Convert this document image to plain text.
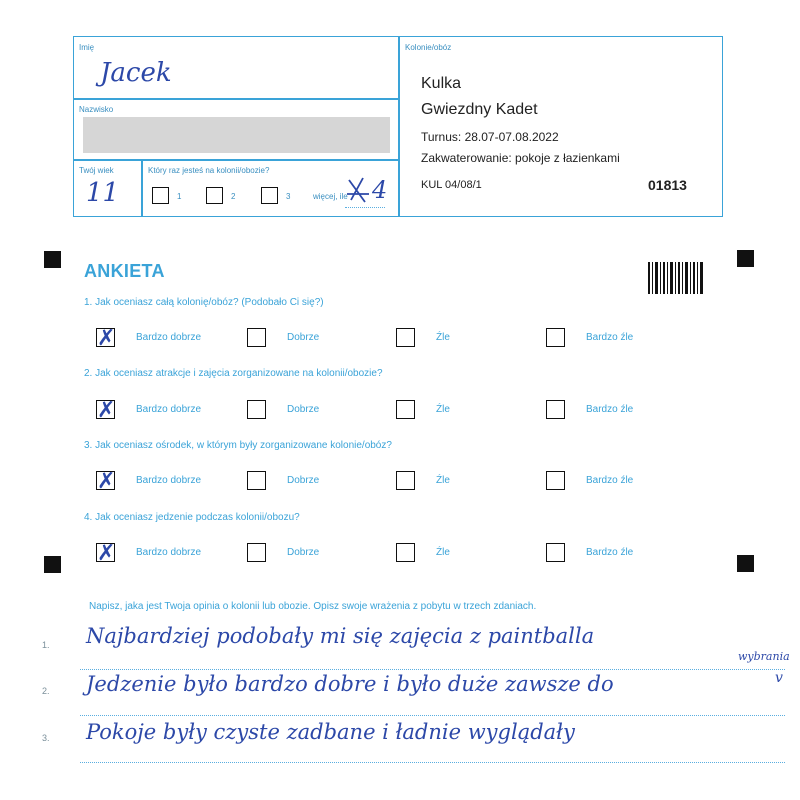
Imię
Jacek
Nazwisko
Twój wiek
11
Który raz jesteś na kolonii/obozie?
1	2	3	więcej, ile 4
Kolonie/obóz
Kulka
Gwiezdny Kadet
Turnus: 28.07-07.08.2022
Zakwaterowanie: pokoje z łazienkami
KUL 04/08/1	01813
ANKIETA
1. Jak oceniasz całą kolonię/obóz? (Podobało Ci się?)
2. Jak oceniasz atrakcje i zajęcia zorganizowane na kolonii/obozie?
3. Jak oceniasz ośrodek, w którym były zorganizowane kolonie/obóz?
4. Jak oceniasz jedzenie podczas kolonii/obozu?
✗ Bardzo dobrze	Dobrze	Źle	Bardzo źle
✗ Bardzo dobrze	Dobrze	Źle	Bardzo źle
✗ Bardzo dobrze	Dobrze	Źle	Bardzo źle
✗ Bardzo dobrze	Dobrze	Źle	Bardzo źle
Napisz, jaka jest Twoja opinia o kolonii lub obozie. Opisz swoje wrażenia z pobytu w trzech zdaniach.
1.
2.
3.
Najbardziej podobały mi się zajęcia z paintballa
wybrania
Jedzenie było bardzo dobre i było duże zawsze do	v
Pokoje były czyste zadbane i ładnie wyglądały
